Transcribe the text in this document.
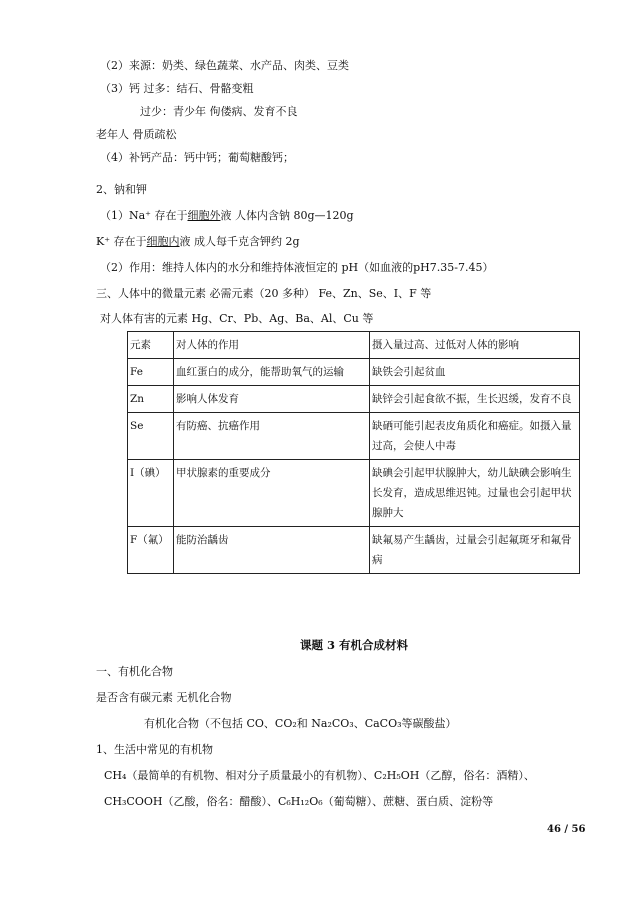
（2）来源：奶类、绿色蔬菜、水产品、肉类、豆类
（3）钙 过多：结石、骨骼变粗
过少：青少年 佝偻病、发育不良
老年人 骨质疏松
（4）补钙产品：钙中钙；葡萄糖酸钙；
2、钠和钾
（1）Na⁺ 存在于细胞外液 人体内含钠 80g—120g
K⁺ 存在于细胞内液 成人每千克含钾约 2g
（2）作用：维持人体内的水分和维持体液恒定的 pH（如血液的pH7.35-7.45）
三、人体中的微量元素 必需元素（20 多种） Fe、Zn、Se、I、F 等
对人体有害的元素 Hg、Cr、Pb、Ag、Ba、Al、Cu 等
元素	对人体的作用	摄入量过高、过低对人体的影响
Fe	血红蛋白的成分，能帮助氧气的运输	缺铁会引起贫血
Zn	影响人体发育	缺锌会引起食欲不振，生长迟缓，发育不良
Se	有防癌、抗癌作用	缺硒可能引起表皮角质化和癌症。如摄入量过高，会使人中毒
I（碘）	甲状腺素的重要成分	缺碘会引起甲状腺肿大，幼儿缺碘会影响生长发育，造成思维迟钝。过量也会引起甲状腺肿大
F（氟）	能防治龋齿	缺氟易产生龋齿，过量会引起氟斑牙和氟骨病
课题 3 有机合成材料
一、有机化合物
是否含有碳元素 无机化合物
有机化合物（不包括 CO、CO₂和 Na₂CO₃、CaCO₃等碳酸盐）
1、生活中常见的有机物
CH₄（最简单的有机物、相对分子质量最小的有机物）、C₂H₅OH（乙醇，俗名：酒精）、
CH₃COOH（乙酸，俗名：醋酸）、C₆H₁₂O₆（葡萄糖）、蔗糖、蛋白质、淀粉等
46 / 56
